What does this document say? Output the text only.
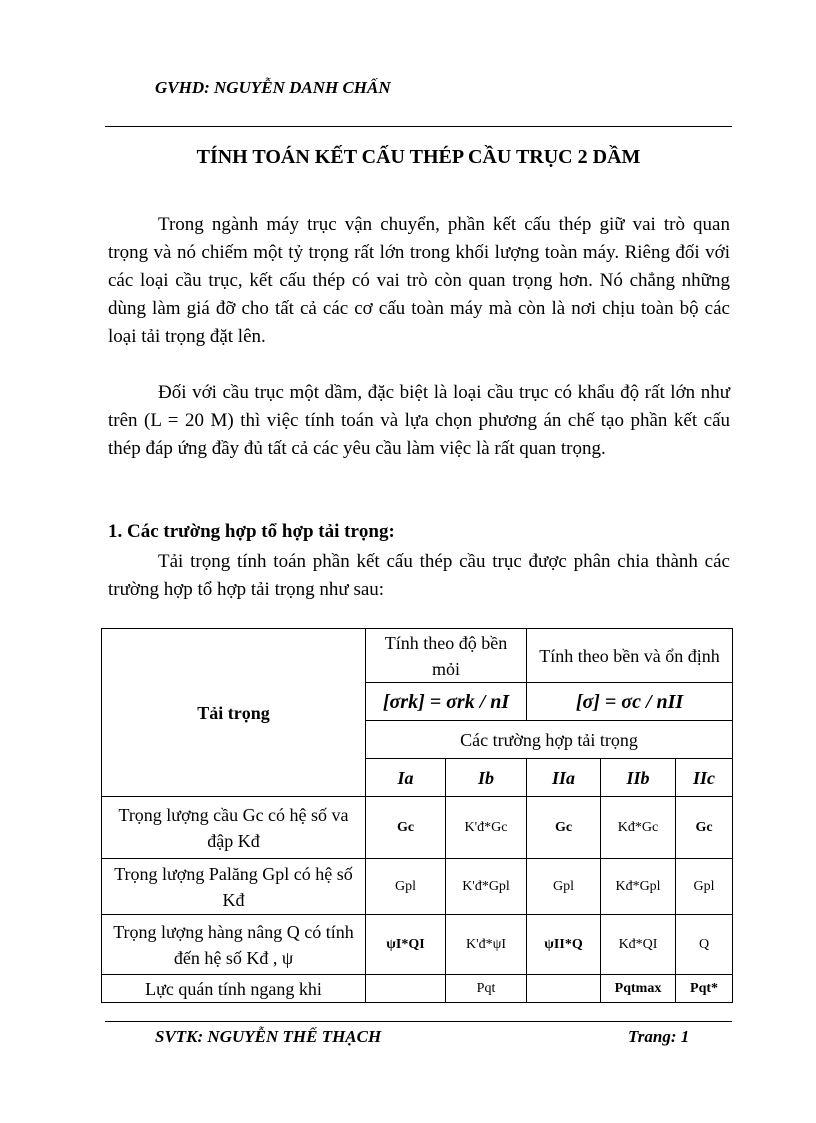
GVHD: NGUYỄN DANH CHẤN
TÍNH TOÁN KẾT CẤU THÉP CẦU TRỤC 2 DẦM

Trong ngành máy trục vận chuyển, phần kết cấu thép giữ vai trò quan trọng và nó chiếm một tỷ trọng rất lớn trong khối lượng toàn máy. Riêng đối với các loại cầu trục, kết cấu thép có vai trò còn quan trọng hơn. Nó chẳng những dùng làm giá đỡ cho tất cả các cơ cấu toàn máy mà còn là nơi chịu toàn bộ các loại tải trọng đặt lên.

Đối với cầu trục một dầm, đặc biệt là loại cầu trục có khẩu độ rất lớn như trên (L = 20 M) thì việc tính toán và lựa chọn phương án chế tạo phần kết cấu thép đáp ứng đầy đủ tất cả các yêu cầu làm việc là rất quan trọng.

1. Các trường hợp tổ hợp tải trọng:

Tải trọng tính toán phần kết cấu thép cầu trục được phân chia thành các trường hợp tổ hợp tải trọng như sau:

Tải trọng	Tính theo độ bền mỏi		Tính theo bền và ổn định		
	[σrk] = σrk / nI		[σ] = σc / nII		
	Các trường hợp tải trọng				
	Ia	Ib	IIa	IIb	IIc
Trọng lượng cầu Gc có hệ số va đập Kđ	Gc	K'đ*Gc	Gc	Kđ*Gc	Gc
Trọng lượng Palăng Gpl có hệ số Kđ	Gpl	K'đ*Gpl	Gpl	Kđ*Gpl	Gpl
Trọng lượng hàng nâng Q có tính đến hệ số Kđ , ψ	ψI*QI	K'đ*ψI	ψII*Q	Kđ*QI	Q
Lực quán tính ngang khi		Pqt		Pqtmax	Pqt*
SVTK: NGUYỄN THẾ THẠCH	Trang: 1
